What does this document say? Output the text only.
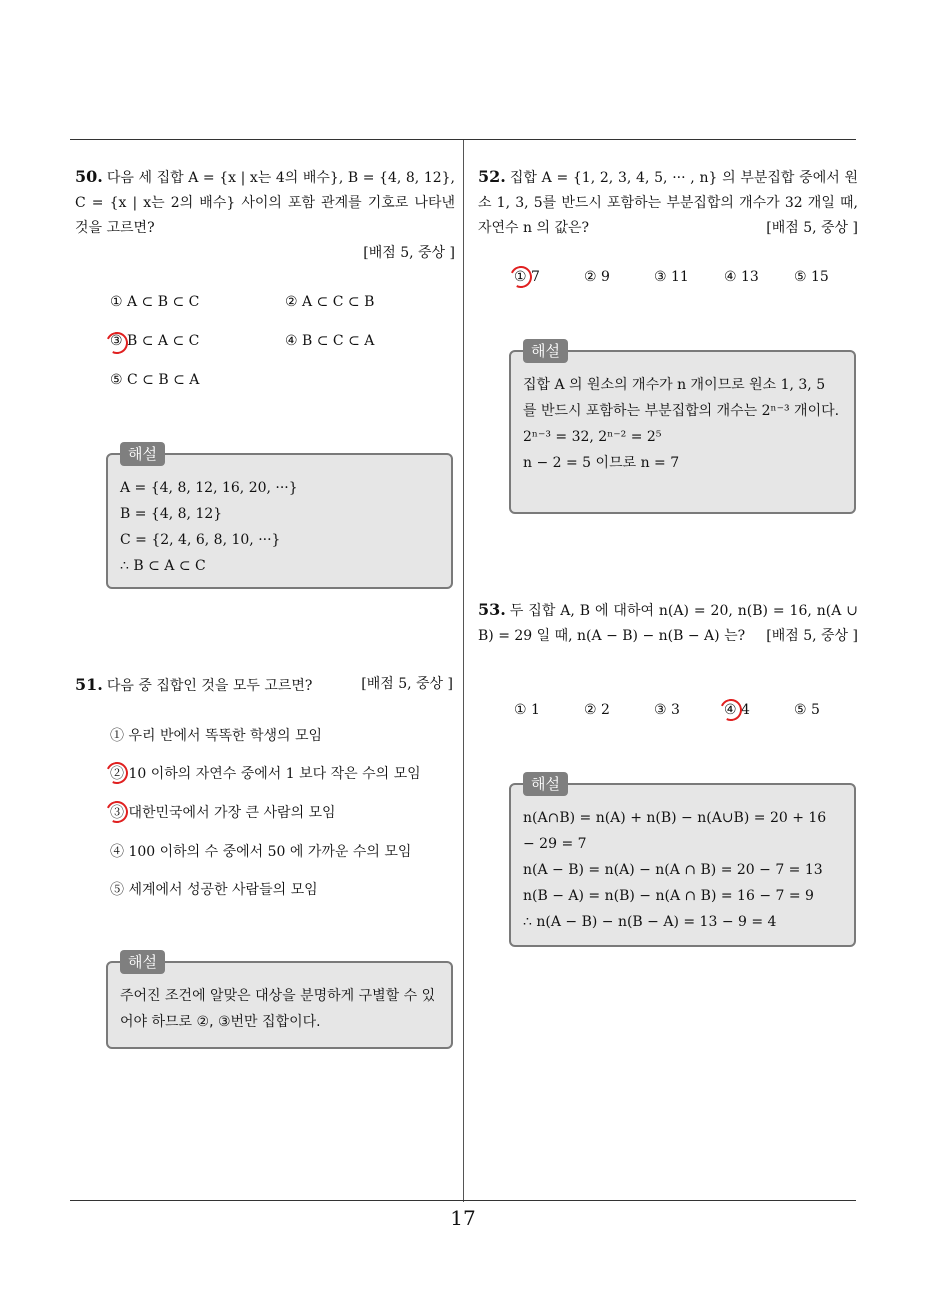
17
50. 다음 세 집합 A = {x | x는 4의 배수}, B = {4, 8, 12}, C = {x | x는 2의 배수} 사이의 포함 관계를 기호로 나타낸 것을 고르면?
[배점 5, 중상 ]
① A ⊂ B ⊂ C	② A ⊂ C ⊂ B
③ B ⊂ A ⊂ C	④ B ⊂ C ⊂ A
⑤ C ⊂ B ⊂ A
해설
A = {4, 8, 12, 16, 20, ···}
B = {4, 8, 12}
C = {2, 4, 6, 8, 10, ···}
∴ B ⊂ A ⊂ C
51. 다음 중 집합인 것을 모두 고르면?	[배점 5, 중상 ]
① 우리 반에서 똑똑한 학생의 모임
② 10 이하의 자연수 중에서 1 보다 작은 수의 모임
③ 대한민국에서 가장 큰 사람의 모임
④ 100 이하의 수 중에서 50 에 가까운 수의 모임
⑤ 세계에서 성공한 사람들의 모임
해설
주어진 조건에 알맞은 대상을 분명하게 구별할 수 있어야 하므로 ②, ③번만 집합이다.
52. 집합 A = {1, 2, 3, 4, 5, ··· , n} 의 부분집합 중에서 원소 1, 3, 5를 반드시 포함하는 부분집합의 개수가 32 개일 때, 자연수 n 의 값은?	[배점 5, 중상 ]
① 7	② 9	③ 11	④ 13	⑤ 15
해설
집합 A 의 원소의 개수가 n 개이므로 원소 1, 3, 5 를 반드시 포함하는 부분집합의 개수는 2ⁿ⁻³ 개이다.
2ⁿ⁻³ = 32, 2ⁿ⁻² = 2⁵
n − 2 = 5 이므로 n = 7
53. 두 집합 A, B 에 대하여 n(A) = 20, n(B) = 16, n(A ∪ B) = 29 일 때, n(A − B) − n(B − A) 는? [배점 5, 중상 ]
① 1	② 2	③ 3	④ 4	⑤ 5
해설
n(A∩B) = n(A) + n(B) − n(A∪B) = 20 + 16 − 29 = 7
n(A − B) = n(A) − n(A ∩ B) = 20 − 7 = 13
n(B − A) = n(B) − n(A ∩ B) = 16 − 7 = 9
∴ n(A − B) − n(B − A) = 13 − 9 = 4
